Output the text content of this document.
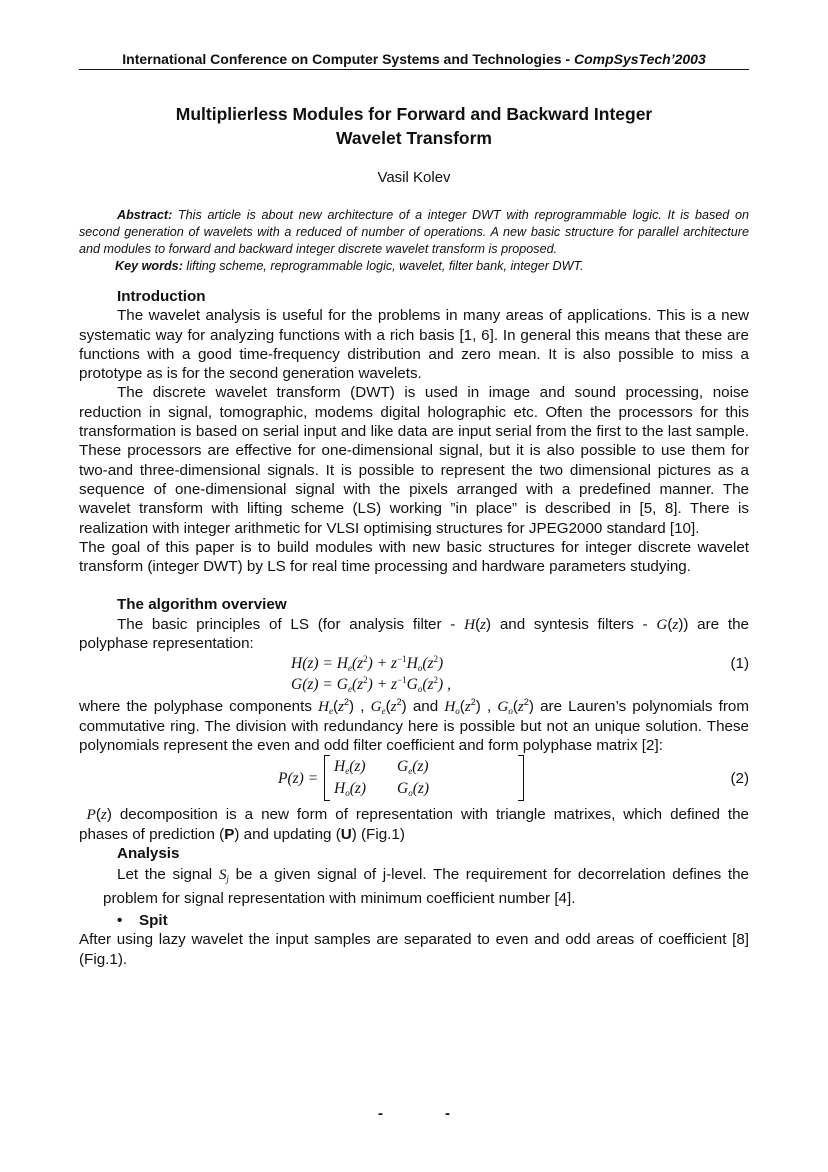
International Conference on Computer Systems and Technologies - CompSysTech’2003
Multiplierless Modules for Forward and Backward Integer
Wavelet Transform
Vasil Kolev

Abstract: This article is about new architecture of a integer DWT with reprogrammable logic. It is based on second generation of wavelets with a reduced of number of operations. A new basic structure for parallel architecture and modules to forward and backward integer discrete wavelet transform is proposed.

Key words: lifting scheme, reprogrammable logic, wavelet, filter bank, integer DWT.

Introduction

The wavelet analysis is useful for the problems in many areas of applications. This is a new systematic way for analyzing functions with a rich basis [1, 6]. In general this means that these are functions with a good time-frequency distribution and zero mean. It is also possible to miss a prototype as is for the second generation wavelets.

The discrete wavelet transform (DWT) is used in image and sound processing, noise reduction in signal, tomographic, modems digital holographic etc. Often the processors for this transformation is based on serial input and like data are input serial from the first to the last sample. These processors are effective for one-dimensional signal, but it is also possible to use them for two-and three-dimensional signals. It is possible to represent the two dimensional pictures as a sequence of one-dimensional signal with the pixels arranged with a predefined manner. The wavelet transform with lifting scheme (LS) working ”in place” is described in [5, 8]. There is realization with integer arithmetic for VLSI optimising structures for JPEG2000 standard [10].

The goal of this paper is to build modules with new basic structures for integer discrete wavelet transform (integer DWT) by LS for real time processing and hardware parameters studying.

The algorithm overview

The basic principles of LS (for analysis filter - H(z) and syntesis filters - G(z)) are the polyphase representation:

$H(z) = H_e(z^2) + z^{-1}H_o(z^2)$	(1)
$G(z) = G_e(z^2) + z^{-1}G_o(z^2)$ ,

where the polyphase components $H_e(z^2)$ , $G_e(z^2)$ and $H_o(z^2)$ , $G_o(z^2)$ are Lauren’s polynomials from commutative ring. The division with redundancy here is possible but not an unique solution. These polynomials represent the even and odd filter coefficient and form polyphase matrix [2]:

P(z) =
$H_e(z)$ $G_e(z)$
$H_o(z)$ $G_o(z)$
(2)

P(z) decomposition is a new form of representation with triangle matrixes, which defined the phases of prediction (P) and updating (U) (Fig.1)

Analysis

Let the signal $S_j$ be a given signal of j-level. The requirement for decorrelation defines the problem for signal representation with minimum coefficient number [4].

• Spit

After using lazy wavelet the input samples are separated to even and odd areas of coefficient [8](Fig.1).

-	-
